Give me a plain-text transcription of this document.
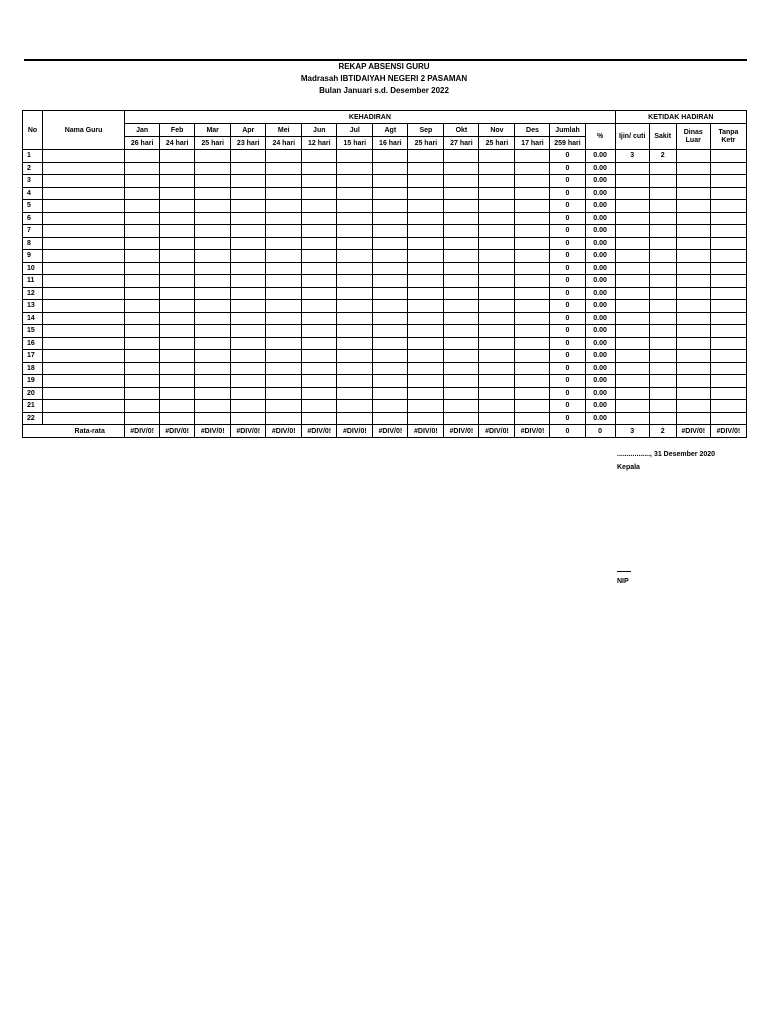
REKAP ABSENSI GURU
Madrasah IBTIDAIYAH NEGERI 2 PASAMAN
Bulan Januari s.d. Desember 2022
No	Nama Guru	KEHADIRAN														KETIDAK HADIRAN			
		Jan	Feb	Mar	Apr	Mei	Jun	Jul	Agt	Sep	Okt	Nov	Des	Jumlah	%	Ijin/ cuti	Sakit	Dinas Luar	Tanpa Ketr
		26 hari	24 hari	25 hari	23 hari	24 hari	12 hari	15 hari	16 hari	25 hari	27 hari	25 hari	17 hari	259 hari					
1														0	0.00	3	2		
2														0	0.00				
3														0	0.00				
4														0	0.00				
5														0	0.00				
6														0	0.00				
7														0	0.00				
8														0	0.00				
9														0	0.00				
10														0	0.00				
11														0	0.00				
12														0	0.00				
13														0	0.00				
14														0	0.00				
15														0	0.00				
16														0	0.00				
17														0	0.00				
18														0	0.00				
19														0	0.00				
20														0	0.00				
21														0	0.00				
22														0	0.00				
	Rata-rata	#DIV/0!	#DIV/0!	#DIV/0!	#DIV/0!	#DIV/0!	#DIV/0!	#DIV/0!	#DIV/0!	#DIV/0!	#DIV/0!	#DIV/0!	#DIV/0!	0	0	3	2	#DIV/0!	#DIV/0!
................., 31 Desember 2020
Kepala
NIP
